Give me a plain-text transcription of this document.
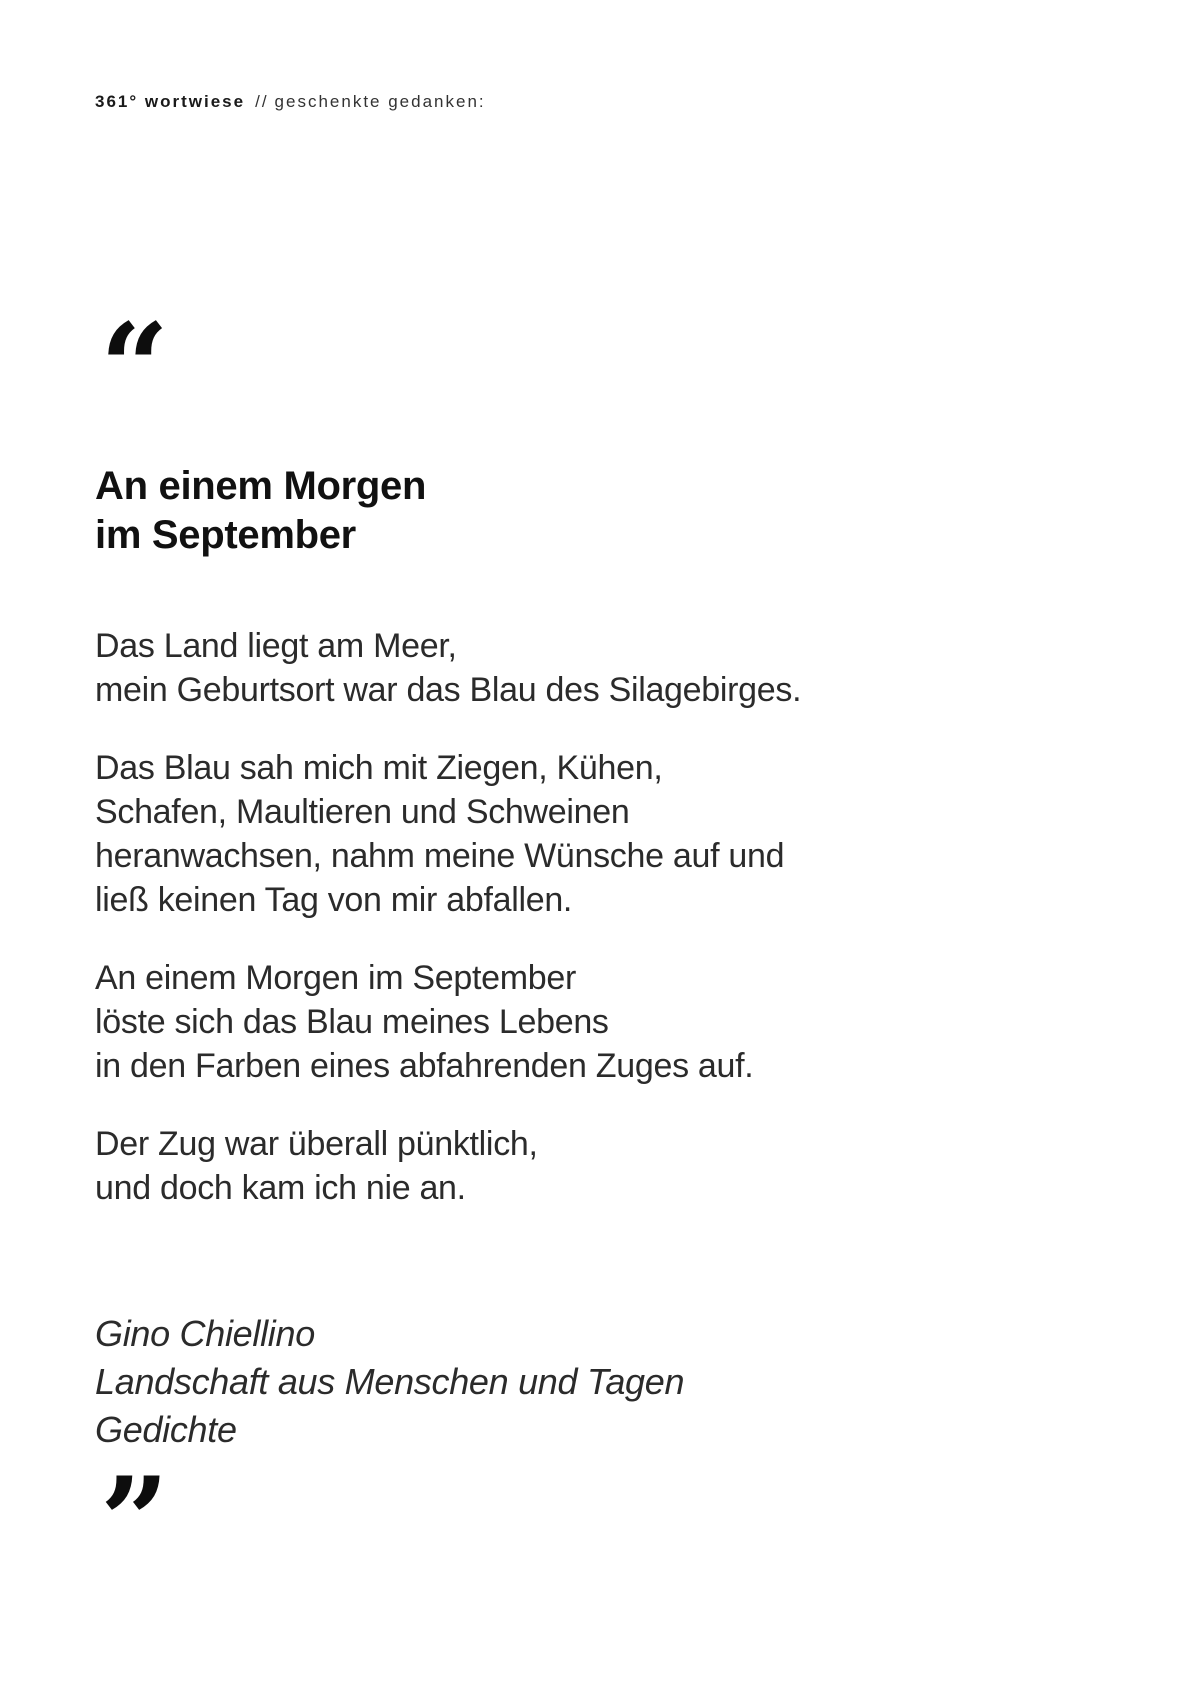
361° wortwiese // geschenkte gedanken:
“
An einem Morgen
im September
Das Land liegt am Meer,
mein Geburtsort war das Blau des Silagebirges.
Das Blau sah mich mit Ziegen, Kühen,
Schafen, Maultieren und Schweinen
heranwachsen, nahm meine Wünsche auf und
ließ keinen Tag von mir abfallen.
An einem Morgen im September
löste sich das Blau meines Lebens
in den Farben eines abfahrenden Zuges auf.
Der Zug war überall pünktlich,
und doch kam ich nie an.
Gino Chiellino
Landschaft aus Menschen und Tagen
Gedichte
”
